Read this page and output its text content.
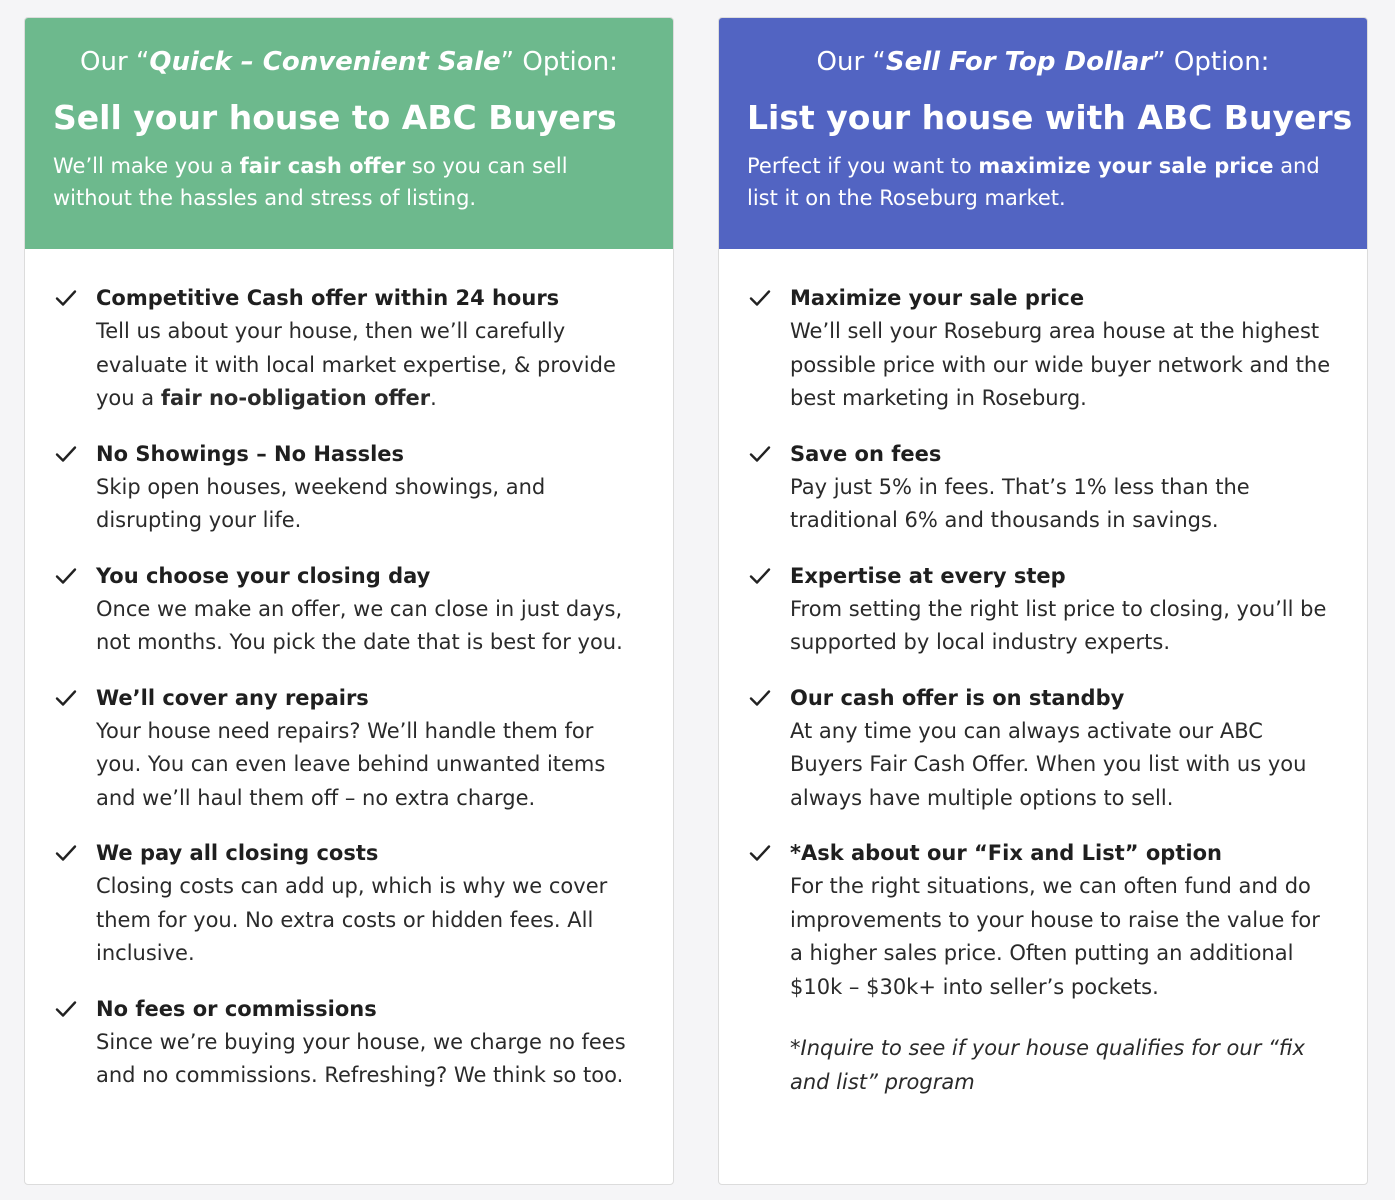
Our “Quick – Convenient Sale” Option:
Sell your house to ABC Buyers
We’ll make you a fair cash offer so you can sell without the hassles and stress of listing.
Competitive Cash offer within 24 hours
Tell us about your house, then we’ll carefully evaluate it with local market expertise, & provide you a fair no-obligation offer.
No Showings – No Hassles
Skip open houses, weekend showings, and disrupting your life.
You choose your closing day
Once we make an offer, we can close in just days, not months. You pick the date that is best for you.
We’ll cover any repairs
Your house need repairs? We’ll handle them for you. You can even leave behind unwanted items and we’ll haul them off – no extra charge.
We pay all closing costs
Closing costs can add up, which is why we cover them for you. No extra costs or hidden fees. All inclusive.
No fees or commissions
Since we’re buying your house, we charge no fees and no commissions. Refreshing? We think so too.
Our “Sell For Top Dollar” Option:
List your house with ABC Buyers
Perfect if you want to maximize your sale price and list it on the Roseburg market.
Maximize your sale price
We’ll sell your Roseburg area house at the highest possible price with our wide buyer network and the best marketing in Roseburg.
Save on fees
Pay just 5% in fees. That’s 1% less than the traditional 6% and thousands in savings.
Expertise at every step
From setting the right list price to closing, you’ll be supported by local industry experts.
Our cash offer is on standby
At any time you can always activate our ABC Buyers Fair Cash Offer. When you list with us you always have multiple options to sell.
*Ask about our “Fix and List” option
For the right situations, we can often fund and do improvements to your house to raise the value for a higher sales price. Often putting an additional $10k – $30k+ into seller’s pockets.
*Inquire to see if your house qualifies for our “fix and list” program
